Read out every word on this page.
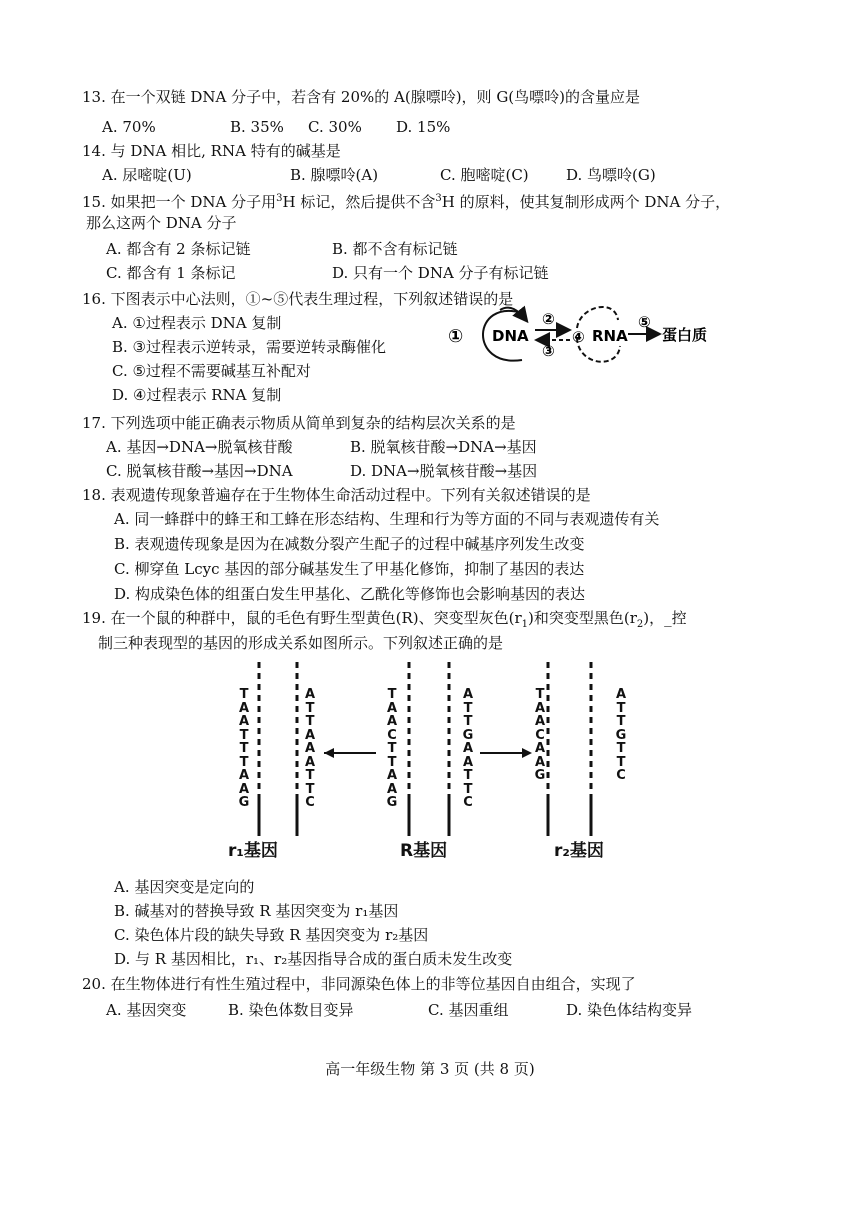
13. 在一个双链 DNA 分子中，若含有 20%的 A(腺嘌呤)，则 G(鸟嘌呤)的含量应是
A. 70%	B. 35% C. 30% D. 15%
14. 与 DNA 相比, RNA 特有的碱基是
A. 尿嘧啶(U)	B. 腺嘌呤(A)	C. 胞嘧啶(C) D. 鸟嘌呤(G)
15. 如果把一个 DNA 分子用$^3$H 标记，然后提供不含$^3$H 的原料，使其复制形成两个 DNA 分子，
那么这两个 DNA 分子
A. 都含有 2 条标记链	B. 都不含有标记链
C. 都含有 1 条标记	D. 只有一个 DNA 分子有标记链
16. 下图表示中心法则，①~⑤代表生理过程，下列叙述错误的是
A. ①过程表示 DNA 复制
B. ③过程表示逆转录，需要逆转录酶催化
C. ⑤过程不需要碱基互补配对
D. ④过程表示 RNA 复制
① DNA
②
③
④ RNA
⑤
蛋白质
17. 下列选项中能正确表示物质从简单到复杂的结构层次关系的是
A. 基因→DNA→脱氧核苷酸	B. 脱氧核苷酸→DNA→基因
C. 脱氧核苷酸→基因→DNA	D. DNA→脱氧核苷酸→基因
18. 表观遗传现象普遍存在于生物体生命活动过程中。下列有关叙述错误的是
A. 同一蜂群中的蜂王和工蜂在形态结构、生理和行为等方面的不同与表观遗传有关
B. 表观遗传现象是因为在减数分裂产生配子的过程中碱基序列发生改变
C. 柳穿鱼 Lcyc 基因的部分碱基发生了甲基化修饰，抑制了基因的表达
D. 构成染色体的组蛋白发生甲基化、乙酰化等修饰也会影响基因的表达
19. 在一个鼠的种群中，鼠的毛色有野生型黄色(R)、突变型灰色$(r_1)$和突变型黑色$(r_2)$，_控
制三种表现型的基因的形成关系如图所示。下列叙述正确的是
T
A
A
T
T
T
A
A
G
A
T
T
A
A
A
T
T
C
T
A
A
C
T
T
A
A
G
A
T
T
G
A
A
T
T
C
T
A
A
C
A
A
G
A
T
T
G
T
T
C
r₁基因	R基因	r₂基因
A. 基因突变是定向的
B. 碱基对的替换导致 R 基因突变为 r₁基因
C. 染色体片段的缺失导致 R 基因突变为 r₂基因
D. 与 R 基因相比，r₁、r₂基因指导合成的蛋白质未发生改变
20. 在生物体进行有性生殖过程中，非同源染色体上的非等位基因自由组合，实现了
A. 基因突变	B. 染色体数目变异	C. 基因重组	D. 染色体结构变异
高一年级生物 第 3 页 (共 8 页)
